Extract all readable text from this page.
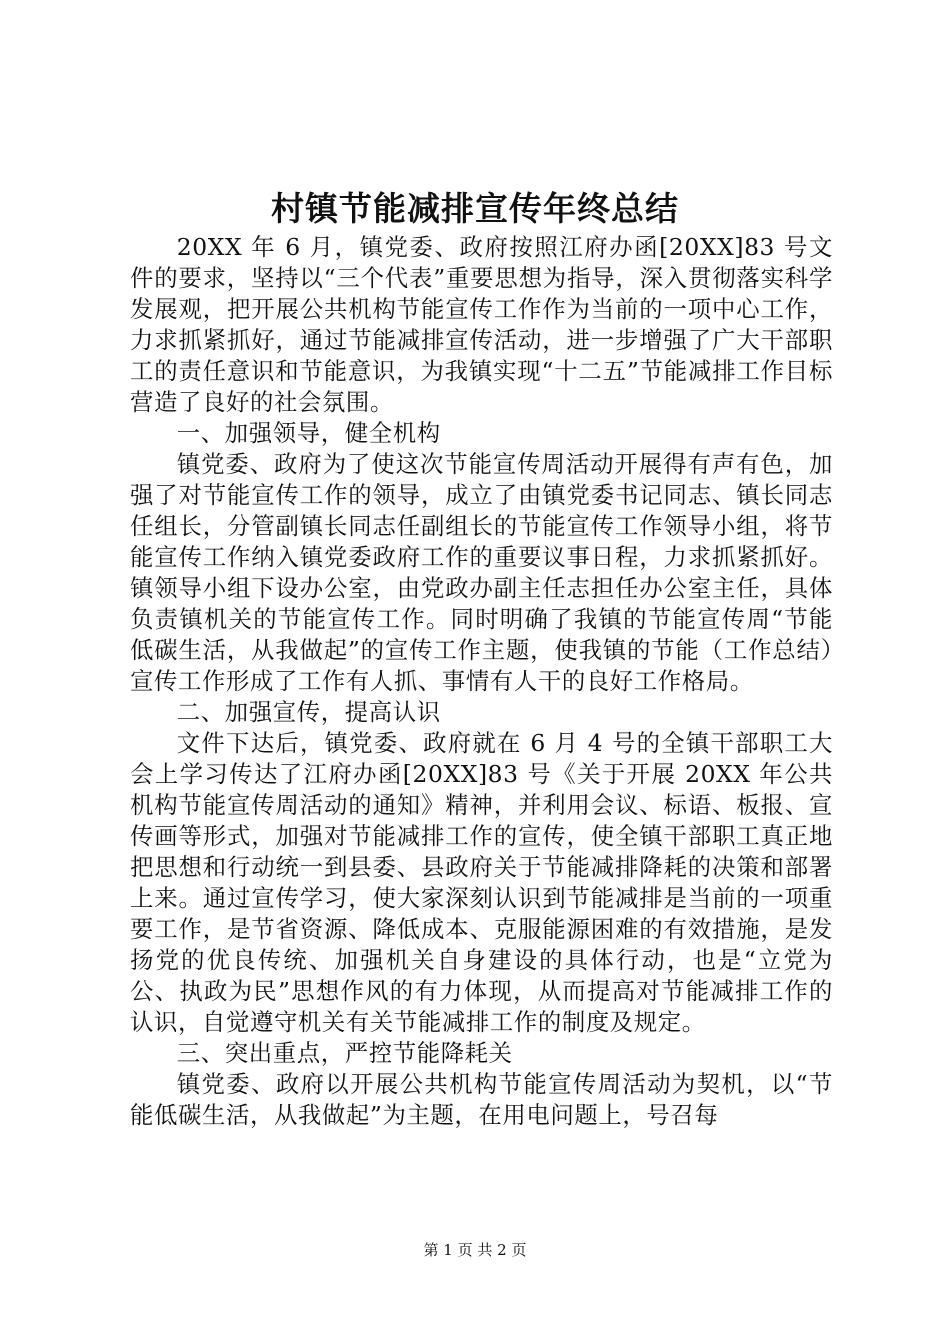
村镇节能减排宣传年终总结

20XX 年 6 月，镇党委、政府按照江府办函[20XX]83 号文件的要求，坚持以“三个代表”重要思想为指导，深入贯彻落实科学发展观，把开展公共机构节能宣传工作作为当前的一项中心工作，力求抓紧抓好，通过节能减排宣传活动，进一步增强了广大干部职工的责任意识和节能意识，为我镇实现“十二五”节能减排工作目标营造了良好的社会氛围。

一、加强领导，健全机构

镇党委、政府为了使这次节能宣传周活动开展得有声有色，加强了对节能宣传工作的领导，成立了由镇党委书记同志、镇长同志任组长，分管副镇长同志任副组长的节能宣传工作领导小组，将节能宣传工作纳入镇党委政府工作的重要议事日程，力求抓紧抓好。镇领导小组下设办公室，由党政办副主任志担任办公室主任，具体负责镇机关的节能宣传工作。同时明确了我镇的节能宣传周“节能低碳生活，从我做起”的宣传工作主题，使我镇的节能（工作总结）宣传工作形成了工作有人抓、事情有人干的良好工作格局。

二、加强宣传，提高认识

文件下达后，镇党委、政府就在 6 月 4 号的全镇干部职工大会上学习传达了江府办函[20XX]83 号《关于开展 20XX 年公共机构节能宣传周活动的通知》精神，并利用会议、标语、板报、宣传画等形式，加强对节能减排工作的宣传，使全镇干部职工真正地把思想和行动统一到县委、县政府关于节能减排降耗的决策和部署上来。通过宣传学习，使大家深刻认识到节能减排是当前的一项重要工作，是节省资源、降低成本、克服能源困难的有效措施，是发扬党的优良传统、加强机关自身建设的具体行动，也是“立党为公、执政为民”思想作风的有力体现，从而提高对节能减排工作的认识，自觉遵守机关有关节能减排工作的制度及规定。

三、突出重点，严控节能降耗关

镇党委、政府以开展公共机构节能宣传周活动为契机，以“节能低碳生活，从我做起”为主题，在用电问题上，号召每

第 1 页 共 2 页
